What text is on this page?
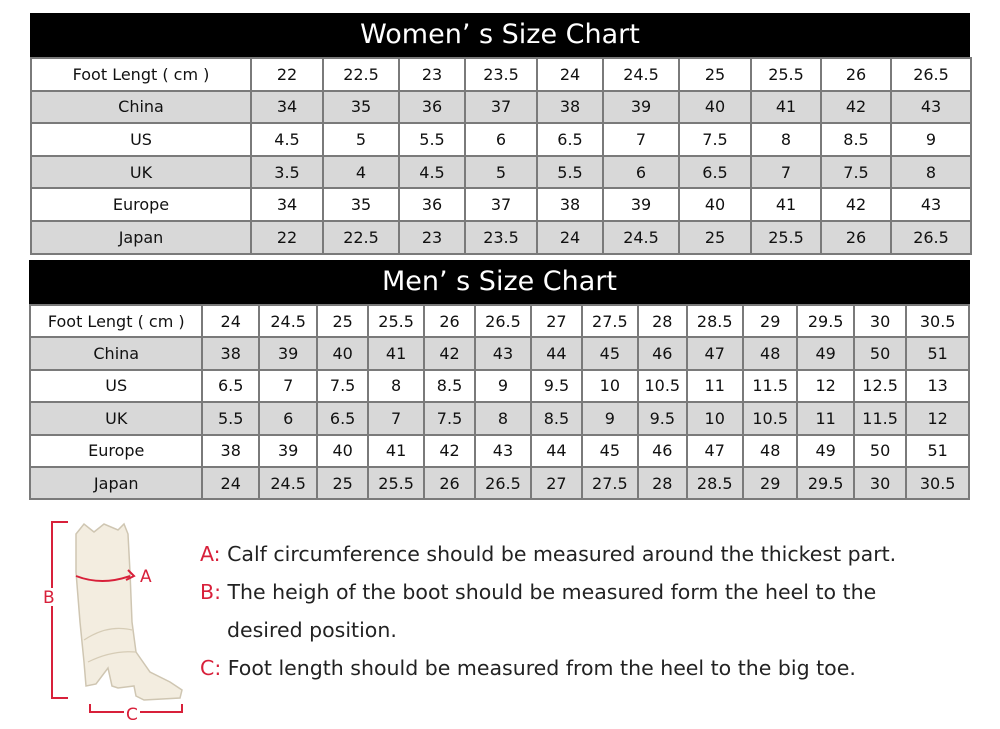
Women’ s Size Chart
Foot Lengt ( cm )	22	22.5	23	23.5	24	24.5	25	25.5	26	26.5
China	34	35	36	37	38	39	40	41	42	43
US	4.5	5	5.5	6	6.5	7	7.5	8	8.5	9
UK	3.5	4	4.5	5	5.5	6	6.5	7	7.5	8
Europe	34	35	36	37	38	39	40	41	42	43
Japan	22	22.5	23	23.5	24	24.5	25	25.5	26	26.5
Men’ s Size Chart
Foot Lengt ( cm )	24	24.5	25	25.5	26	26.5	27	27.5	28	28.5	29	29.5	30	30.5
China	38	39	40	41	42	43	44	45	46	47	48	49	50	51
US	6.5	7	7.5	8	8.5	9	9.5	10	10.5	11	11.5	12	12.5	13
UK	5.5	6	6.5	7	7.5	8	8.5	9	9.5	10	10.5	11	11.5	12
Europe	38	39	40	41	42	43	44	45	46	47	48	49	50	51
Japan	24	24.5	25	25.5	26	26.5	27	27.5	28	28.5	29	29.5	30	30.5
A
B
C
A: Calf circumference should be measured around the thickest part.
B: The heigh of the boot should be measured form the heel to the
desired position.
C: Foot length should be measured from the heel to the big toe.
